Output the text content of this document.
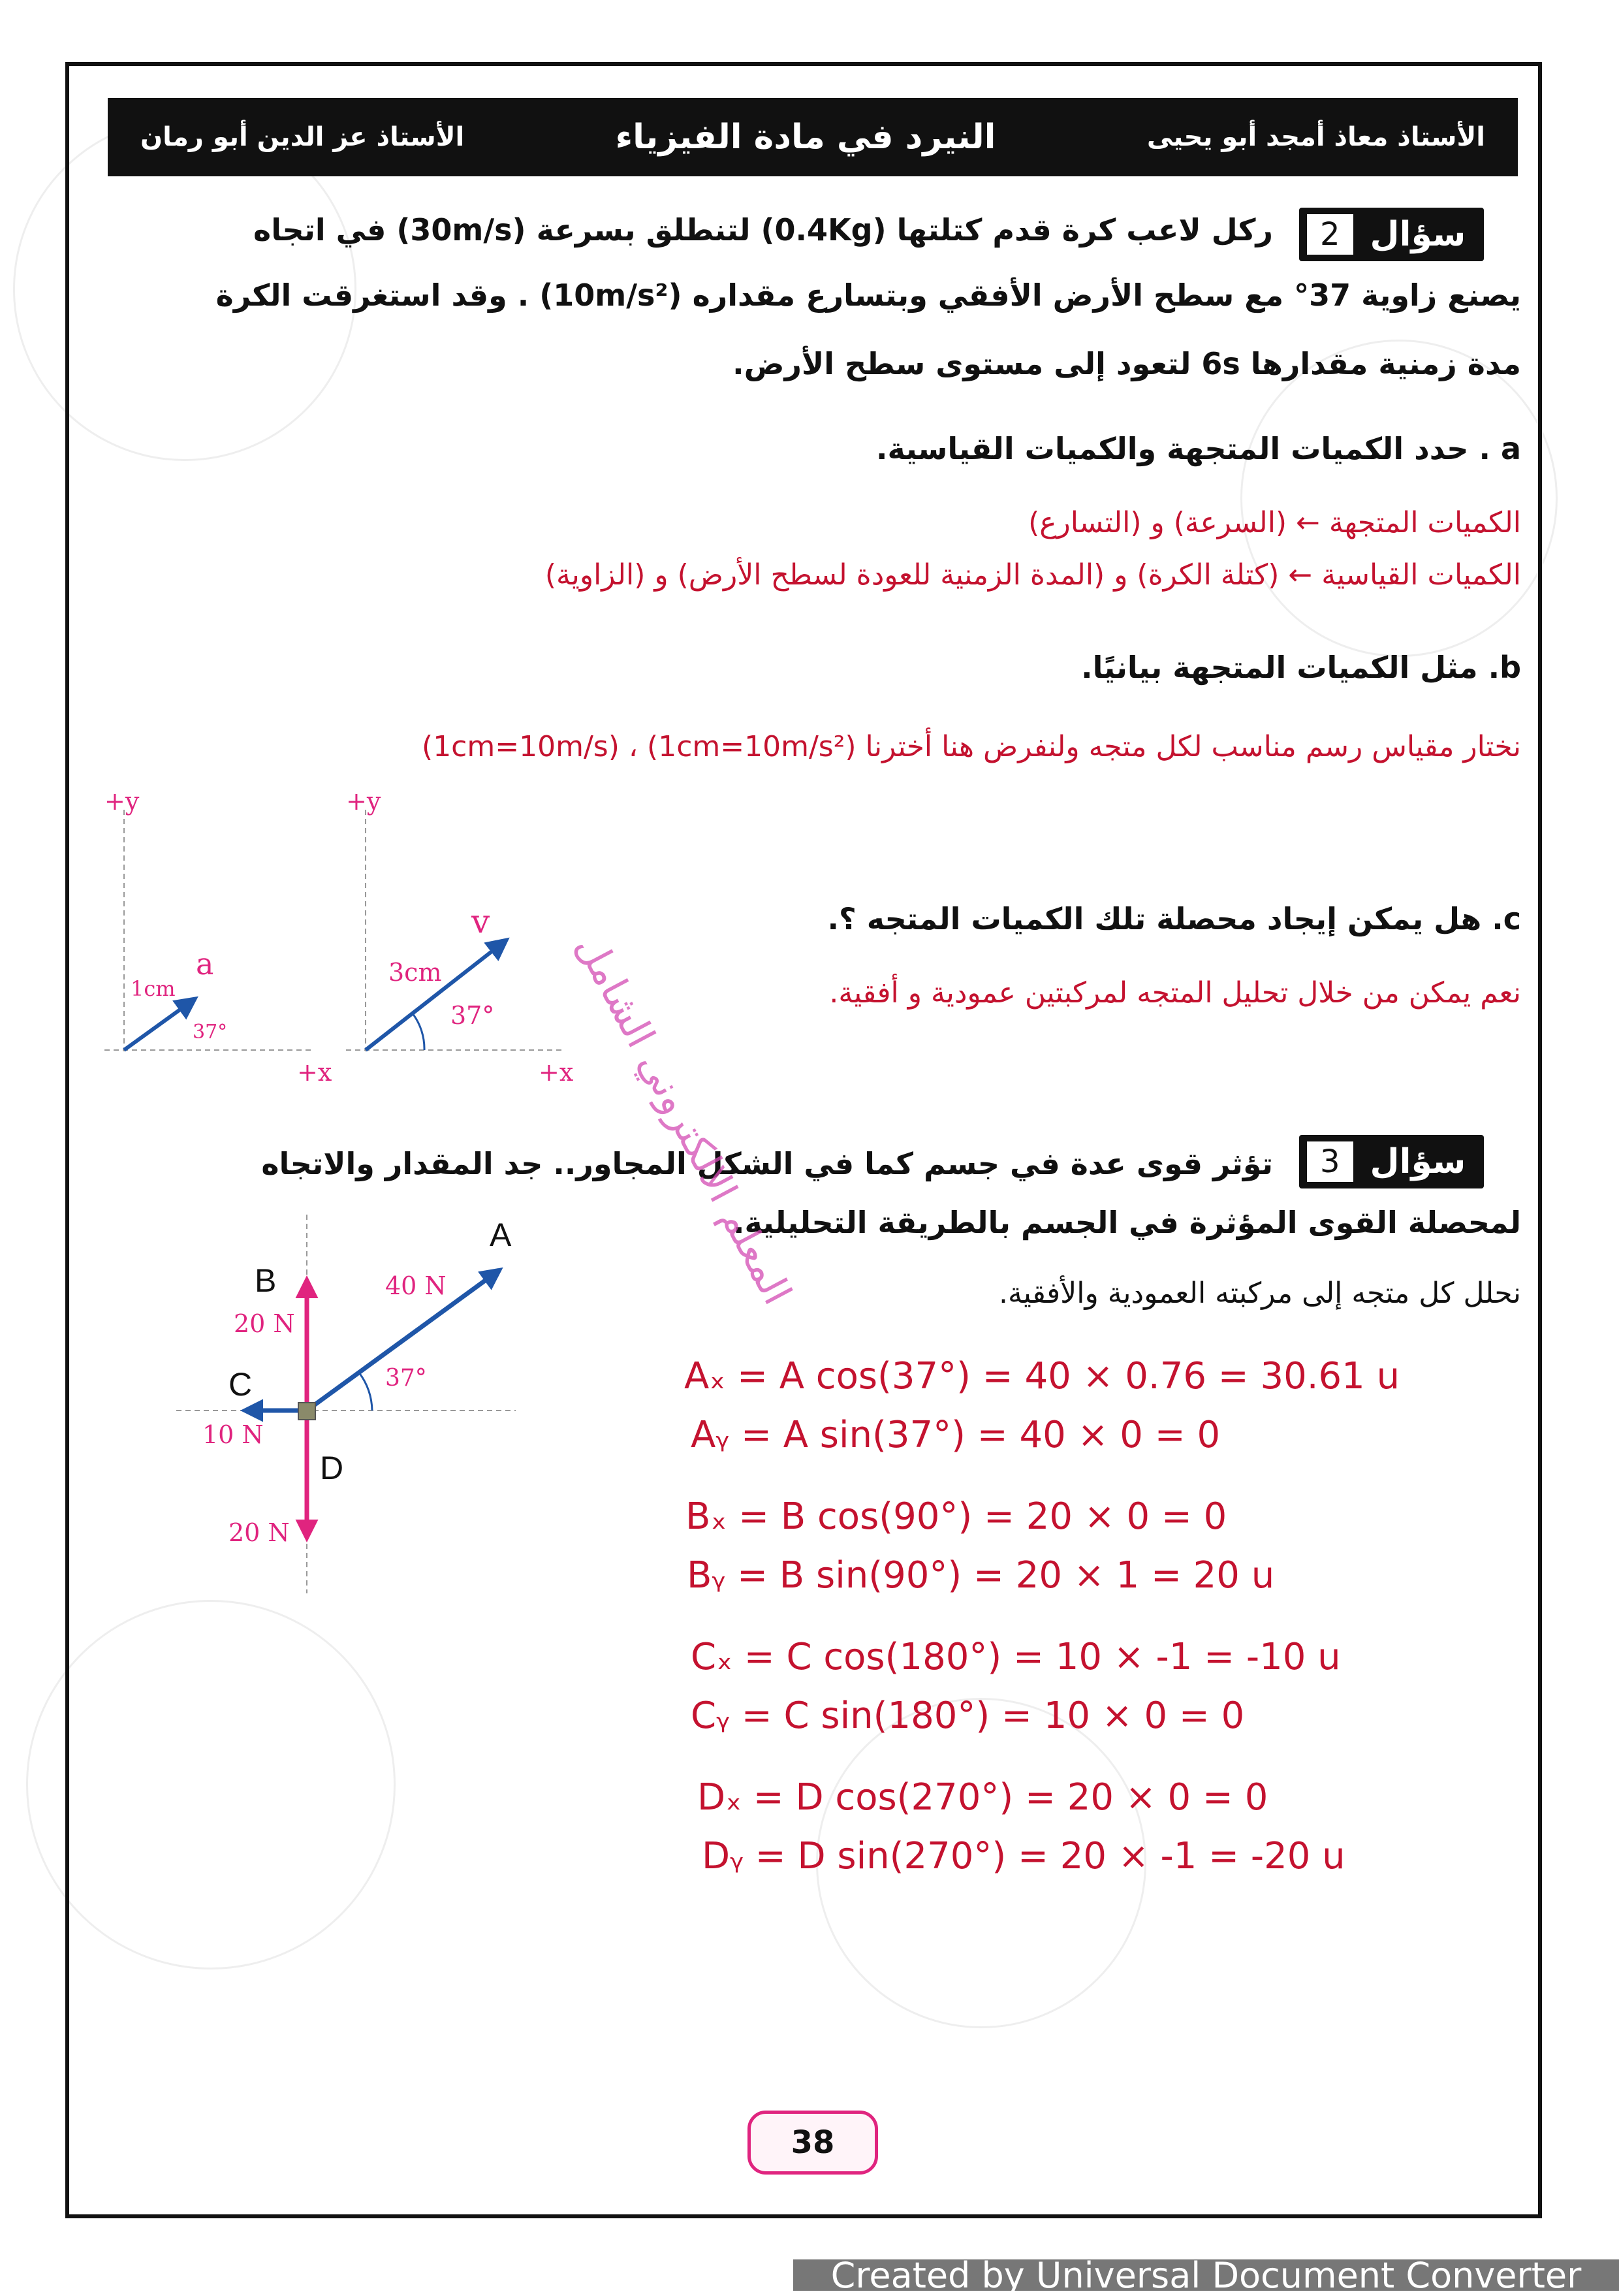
الأستاذ معاذ أمجد أبو يحيى
النيرد في مادة الفيزياء
الأستاذ عز الدين أبو رمان
سؤال
2
ركل لاعب كرة قدم كتلتها (0.4Kg) لتنطلق بسرعة (30m/s) في اتجاه
يصنع زاوية 37° مع سطح الأرض الأفقي وبتسارع مقداره (10m/s²) . وقد استغرقت الكرة
مدة زمنية مقدارها 6s لتعود إلى مستوى سطح الأرض.
a . حدد الكميات المتجهة والكميات القياسية.
الكميات المتجهة ← (السرعة) و (التسارع)
الكميات القياسية ← (كتلة الكرة) و (المدة الزمنية للعودة لسطح الأرض) و (الزاوية)
b. مثل الكميات المتجهة بيانيًا.
نختار مقياس رسم مناسب لكل متجه ولنفرض هنا أخترنا (1cm=10m/s²) ، (1cm=10m/s)
c. هل يمكن إيجاد محصلة تلك الكميات المتجه ؟.
نعم يمكن من خلال تحليل المتجه لمركبتين عمودية و أفقية.
+y
+x
a
1cm
37°
+y
+x
v
3cm
37°
سؤال
3
تؤثر قوى عدة في جسم كما في الشكل المجاور.. جد المقدار والاتجاه
لمحصلة القوى المؤثرة في الجسم بالطريقة التحليلية.
نحلل كل متجه إلى مركبته العمودية والأفقية.
A
40 N
B
20 N
C
10 N
D
20 N
37°	Aₓ = A cos(37°) = 40 × 0.76 = 30.61 u
Aᵧ = A sin(37°) = 40 × 0 = 0
Bₓ = B cos(90°) = 20 × 0 = 0
Bᵧ = B sin(90°) = 20 × 1 = 20 u
Cₓ = C cos(180°) = 10 × -1 = -10 u
Cᵧ = C sin(180°) = 10 × 0 = 0
Dₓ = D cos(270°) = 20 × 0 = 0
Dᵧ = D sin(270°) = 20 × -1 = -20 u
المعلم الالكتروني الشامل
38
Created by Universal Document Converter
